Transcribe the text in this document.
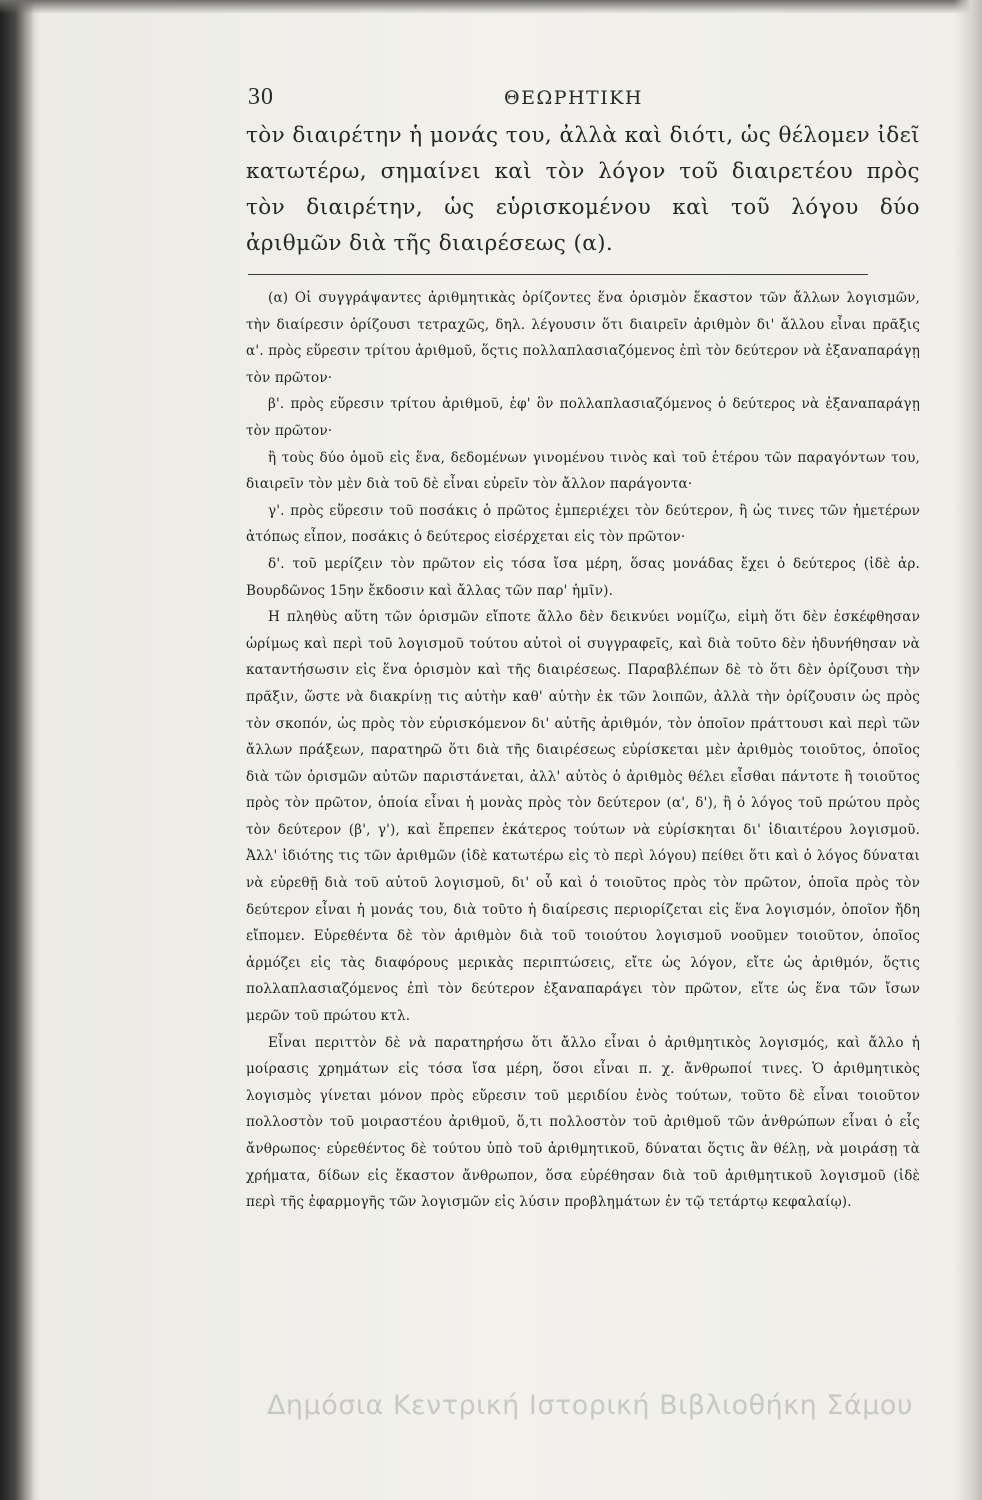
30	ΘΕΩΡΗΤΙΚΗ

τὸν διαιρέτην ἡ μονάς του, ἀλλὰ καὶ διότι, ὡς θέλομεν ἰδεῖ κατωτέρω, σημαίνει καὶ τὸν λόγον τοῦ διαιρετέου πρὸς τὸν διαιρέτην, ὡς εὑρισκομένου καὶ τοῦ λόγου δύο ἀριθμῶν διὰ τῆς διαιρέσεως (α).

(α) Οἱ συγγράψαντες ἀριθμητικὰς ὁρίζοντες ἕνα ὁρισμὸν ἕκαστον τῶν ἄλλων λογισμῶν, τὴν διαίρεσιν ὁρίζουσι τετραχῶς, δηλ. λέγουσιν ὅτι διαιρεῖν ἀριθμὸν δι' ἄλλου εἶναι πρᾶξις α'. πρὸς εὕρεσιν τρίτου ἀριθμοῦ, ὅςτις πολλαπλασιαζόμενος ἐπὶ τὸν δεύτερον νὰ ἐξαναπαράγῃ τὸν πρῶτον·

β'. πρὸς εὕρεσιν τρίτου ἀριθμοῦ, ἐφ' ὃν πολλαπλασιαζόμενος ὁ δεύτερος νὰ ἐξαναπαράγῃ τὸν πρῶτον·

ἢ τοὺς δύο ὁμοῦ εἰς ἕνα, δεδομένων γινομένου τινὸς καὶ τοῦ ἑτέρου τῶν παραγόντων του, διαιρεῖν τὸν μὲν διὰ τοῦ δὲ εἶναι εὑρεῖν τὸν ἄλλον παράγοντα·

γ'. πρὸς εὕρεσιν τοῦ ποσάκις ὁ πρῶτος ἐμπεριέχει τὸν δεύτερον, ἢ ὡς τινες τῶν ἡμετέρων ἀτόπως εἶπον, ποσάκις ὁ δεύτερος εἰσέρχεται εἰς τὸν πρῶτον·

δ'. τοῦ μερίζειν τὸν πρῶτον εἰς τόσα ἴσα μέρη, ὅσας μονάδας ἔχει ὁ δεύτερος (ἰδὲ ἀρ. Βουρδῶνος 15ην ἔκδοσιν καὶ ἄλλας τῶν παρ' ἡμῖν).

Η πληθὺς αὕτη τῶν ὁρισμῶν εἴποτε ἄλλο δὲν δεικνύει νομίζω, εἰμὴ ὅτι δὲν ἐσκέφθησαν ὡρίμως καὶ περὶ τοῦ λογισμοῦ τούτου αὐτοὶ οἱ συγγραφεῖς, καὶ διὰ τοῦτο δὲν ἠδυνήθησαν νὰ καταντήσωσιν εἰς ἕνα ὁρισμὸν καὶ τῆς διαιρέσεως. Παραβλέπων δὲ τὸ ὅτι δὲν ὁρίζουσι τὴν πρᾶξιν, ὥστε νὰ διακρίνῃ τις αὐτὴν καθ' αὑτὴν ἐκ τῶν λοιπῶν, ἀλλὰ τὴν ὁρίζουσιν ὡς πρὸς τὸν σκοπόν, ὡς πρὸς τὸν εὑρισκόμενον δι' αὐτῆς ἀριθμόν, τὸν ὁποῖον πράττουσι καὶ περὶ τῶν ἄλλων πράξεων, παρατηρῶ ὅτι διὰ τῆς διαιρέσεως εὑρίσκεται μὲν ἀριθμὸς τοιοῦτος, ὁποῖος διὰ τῶν ὁρισμῶν αὐτῶν παριστάνεται, ἀλλ' αὐτὸς ὁ ἀριθμὸς θέλει εἶσθαι πάντοτε ἢ τοιοῦτος πρὸς τὸν πρῶτον, ὁποία εἶναι ἡ μονὰς πρὸς τὸν δεύτερον (α', δ'), ἢ ὁ λόγος τοῦ πρώτου πρὸς τὸν δεύτερον (β', γ'), καὶ ἔπρεπεν ἑκάτερος τούτων νὰ εὑρίσκηται δι' ἰδιαιτέρου λογισμοῦ. Ἀλλ' ἰδιότης τις τῶν ἀριθμῶν (ἰδὲ κατωτέρω εἰς τὸ περὶ λόγου) πείθει ὅτι καὶ ὁ λόγος δύναται νὰ εὑρεθῇ διὰ τοῦ αὐτοῦ λογισμοῦ, δι' οὗ καὶ ὁ τοιοῦτος πρὸς τὸν πρῶτον, ὁποῖα πρὸς τὸν δεύτερον εἶναι ἡ μονάς του, διὰ τοῦτο ἡ διαίρεσις περιορίζεται εἰς ἕνα λογισμόν, ὁποῖον ἤδη εἴπομεν. Εὑρεθέντα δὲ τὸν ἀριθμὸν διὰ τοῦ τοιούτου λογισμοῦ νοοῦμεν τοιοῦτον, ὁποῖος ἁρμόζει εἰς τὰς διαφόρους μερικὰς περιπτώσεις, εἴτε ὡς λόγον, εἴτε ὡς ἀριθμόν, ὅςτις πολλαπλασιαζόμενος ἐπὶ τὸν δεύτερον ἐξαναπαράγει τὸν πρῶτον, εἴτε ὡς ἕνα τῶν ἴσων μερῶν τοῦ πρώτου κτλ.

Εἶναι περιττὸν δὲ νὰ παρατηρήσω ὅτι ἄλλο εἶναι ὁ ἀριθμητικὸς λογισμός, καὶ ἄλλο ἡ μοίρασις χρημάτων εἰς τόσα ἴσα μέρη, ὅσοι εἶναι π. χ. ἄνθρωποί τινες. Ὁ ἀριθμητικὸς λογισμὸς γίνεται μόνον πρὸς εὕρεσιν τοῦ μεριδίου ἑνὸς τούτων, τοῦτο δὲ εἶναι τοιοῦτον πολλοστὸν τοῦ μοιραστέου ἀριθμοῦ, ὅ,τι πολλοστὸν τοῦ ἀριθμοῦ τῶν ἀνθρώπων εἶναι ὁ εἷς ἄνθρωπος· εὑρεθέντος δὲ τούτου ὑπὸ τοῦ ἀριθμητικοῦ, δύναται ὅςτις ἂν θέλῃ, νὰ μοιράσῃ τὰ χρήματα, δίδων εἰς ἕκαστον ἄνθρωπον, ὅσα εὑρέθησαν διὰ τοῦ ἀριθμητικοῦ λογισμοῦ (ἰδὲ περὶ τῆς ἐφαρμογῆς τῶν λογισμῶν εἰς λύσιν προβλημάτων ἐν τῷ τετάρτῳ κεφαλαίῳ).

Δημόσια Κεντρική Ιστορική Βιβλιοθήκη Σάμου
